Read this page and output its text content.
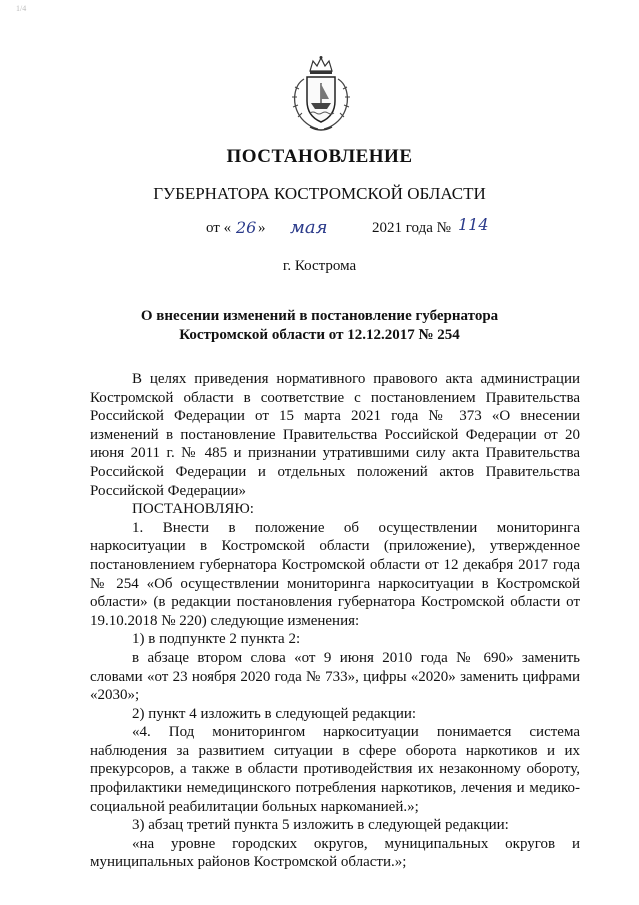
1/4
ПОСТАНОВЛЕНИЕ
ГУБЕРНАТОРА КОСТРОМСКОЙ ОБЛАСТИ
от « 26 » мая	2021 года № 114
г. Кострома
О внесении изменений в постановление губернатора
Костромской области от 12.12.2017 № 254

В целях приведения нормативного правового акта администрации Костромской области в соответствие с постановлением Правительства Российской Федерации от 15 марта 2021 года № 373 «О внесении изменений в постановление Правительства Российской Федерации от 20 июня 2011 г. № 485 и признании утратившими силу акта Правительства Российской Федерации и отдельных положений актов Правительства Российской Федерации»

ПОСТАНОВЛЯЮ:

1. Внести в положение об осуществлении мониторинга наркоситуации в Костромской области (приложение), утвержденное постановлением губернатора Костромской области от 12 декабря 2017 года № 254 «Об осуществлении мониторинга наркоситуации в Костромской области» (в редакции постановления губернатора Костромской области от 19.10.2018 № 220) следующие изменения:

1) в подпункте 2 пункта 2:

в абзаце втором слова «от 9 июня 2010 года № 690» заменить словами «от 23 ноября 2020 года № 733», цифры «2020» заменить цифрами «2030»;

2) пункт 4 изложить в следующей редакции:

«4. Под мониторингом наркоситуации понимается система наблюдения за развитием ситуации в сфере оборота наркотиков и их прекурсоров, а также в области противодействия их незаконному обороту, профилактики немедицинского потребления наркотиков, лечения и медико-социальной реабилитации больных наркоманией.»;

3) абзац третий пункта 5 изложить в следующей редакции:

«на уровне городских округов, муниципальных округов и муниципальных районов Костромской области.»;
